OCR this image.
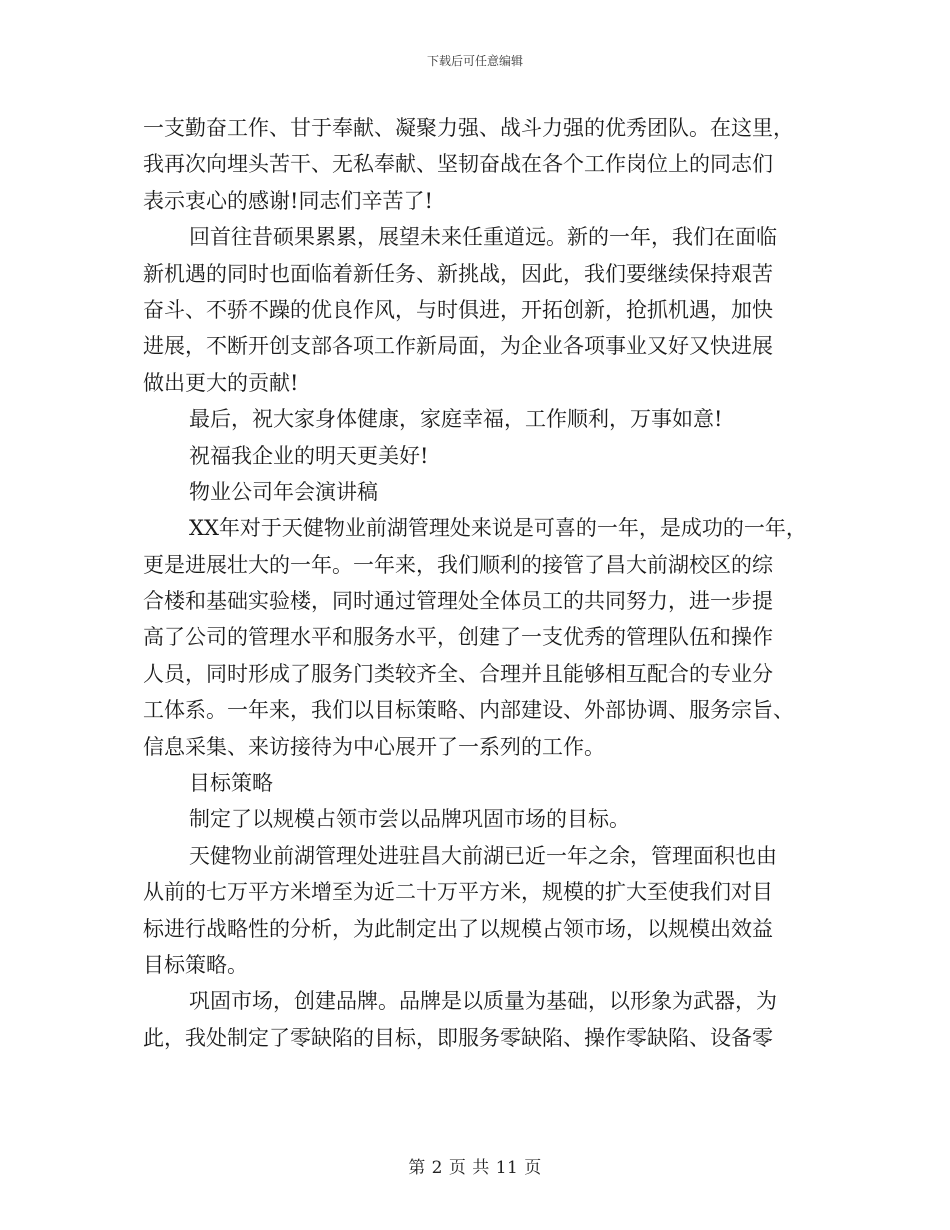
下载后可任意编辑
一支勤奋工作、甘于奉献、凝聚力强、战斗力强的优秀团队。在这里，
我再次向埋头苦干、无私奉献、坚韧奋战在各个工作岗位上的同志们
表示衷心的感谢!同志们辛苦了!
回首往昔硕果累累，展望未来任重道远。新的一年，我们在面临
新机遇的同时也面临着新任务、新挑战，因此，我们要继续保持艰苦
奋斗、不骄不躁的优良作风，与时俱进，开拓创新，抢抓机遇，加快
进展，不断开创支部各项工作新局面，为企业各项事业又好又快进展
做出更大的贡献!
最后，祝大家身体健康，家庭幸福，工作顺利，万事如意!
祝福我企业的明天更美好!
物业公司年会演讲稿
XX年对于天健物业前湖管理处来说是可喜的一年，是成功的一年，
更是进展壮大的一年。一年来，我们顺利的接管了昌大前湖校区的综
合楼和基础实验楼，同时通过管理处全体员工的共同努力，进一步提
高了公司的管理水平和服务水平，创建了一支优秀的管理队伍和操作
人员，同时形成了服务门类较齐全、合理并且能够相互配合的专业分
工体系。一年来，我们以目标策略、内部建设、外部协调、服务宗旨、
信息采集、来访接待为中心展开了一系列的工作。
目标策略
制定了以规模占领市尝以品牌巩固市场的目标。
天健物业前湖管理处进驻昌大前湖已近一年之余，管理面积也由
从前的七万平方米增至为近二十万平方米，规模的扩大至使我们对目
标进行战略性的分析，为此制定出了以规模占领市场，以规模出效益
目标策略。
巩固市场，创建品牌。品牌是以质量为基础，以形象为武器，为
此，我处制定了零缺陷的目标，即服务零缺陷、操作零缺陷、设备零
第 2 页 共 11 页
